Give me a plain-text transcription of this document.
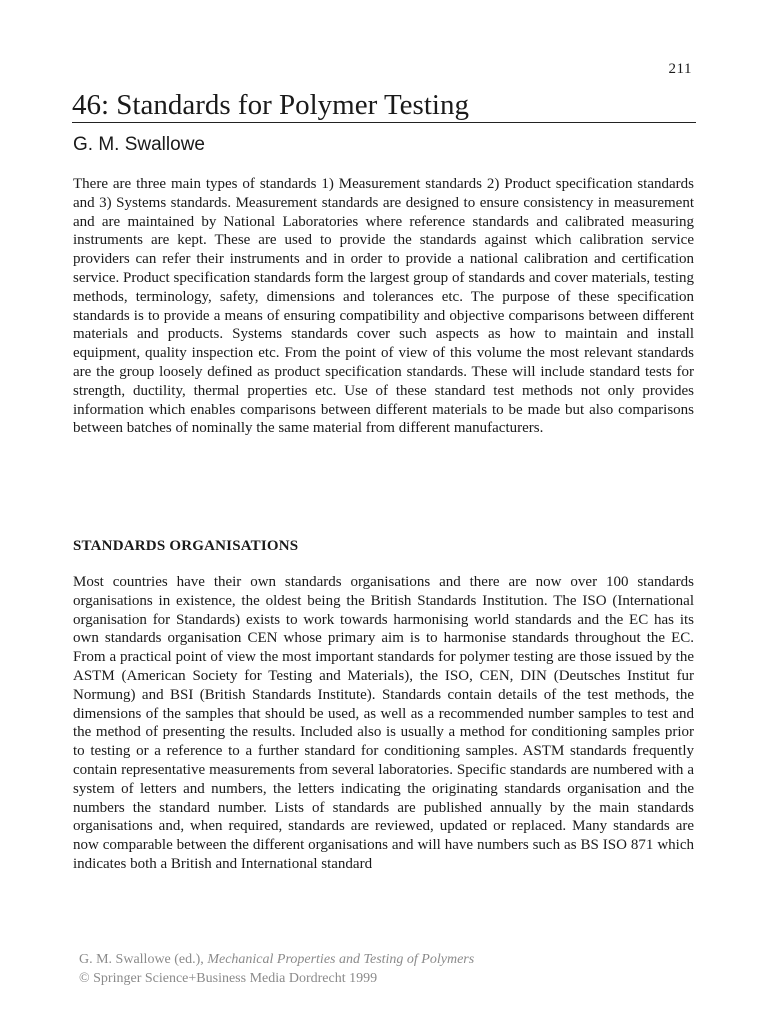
211
46: Standards for Polymer Testing
G. M. Swallowe

There are three main types of standards 1) Measurement standards 2) Product specification standards and 3) Systems standards. Measurement standards are designed to ensure consistency in measurement and are maintained by National Laboratories where reference standards and calibrated measuring instruments are kept. These are used to provide the standards against which calibration service providers can refer their instruments and in order to provide a national calibration and certification service. Product specification standards form the largest group of standards and cover materials, testing methods, terminology, safety, dimensions and tolerances etc. The purpose of these specification standards is to provide a means of ensuring compatibility and objective comparisons between different materials and products. Systems standards cover such aspects as how to maintain and install equipment, quality inspection etc. From the point of view of this volume the most relevant standards are the group loosely defined as product specification standards. These will include standard tests for strength, ductility, thermal properties etc. Use of these standard test methods not only provides information which enables comparisons between different materials to be made but also comparisons between batches of nominally the same material from different manufacturers.

STANDARDS ORGANISATIONS

Most countries have their own standards organisations and there are now over 100 standards organisations in existence, the oldest being the British Standards Institution. The ISO (International organisation for Standards) exists to work towards harmonising world standards and the EC has its own standards organisation CEN whose primary aim is to harmonise standards throughout the EC. From a practical point of view the most important standards for polymer testing are those issued by the ASTM (American Society for Testing and Materials), the ISO, CEN, DIN (Deutsches Institut fur Normung) and BSI (British Standards Institute). Standards contain details of the test methods, the dimensions of the samples that should be used, as well as a recommended number samples to test and the method of presenting the results. Included also is usually a method for conditioning samples prior to testing or a reference to a further standard for conditioning samples. ASTM standards frequently contain representative measurements from several laboratories. Specific standards are numbered with a system of letters and numbers, the letters indicating the originating standards organisation and the numbers the standard number. Lists of standards are published annually by the main standards organisations and, when required, standards are reviewed, updated or replaced. Many standards are now comparable between the different organisations and will have numbers such as BS ISO 871 which indicates both a British and International standard

G. M. Swallowe (ed.), Mechanical Properties and Testing of Polymers
© Springer Science+Business Media Dordrecht 1999
